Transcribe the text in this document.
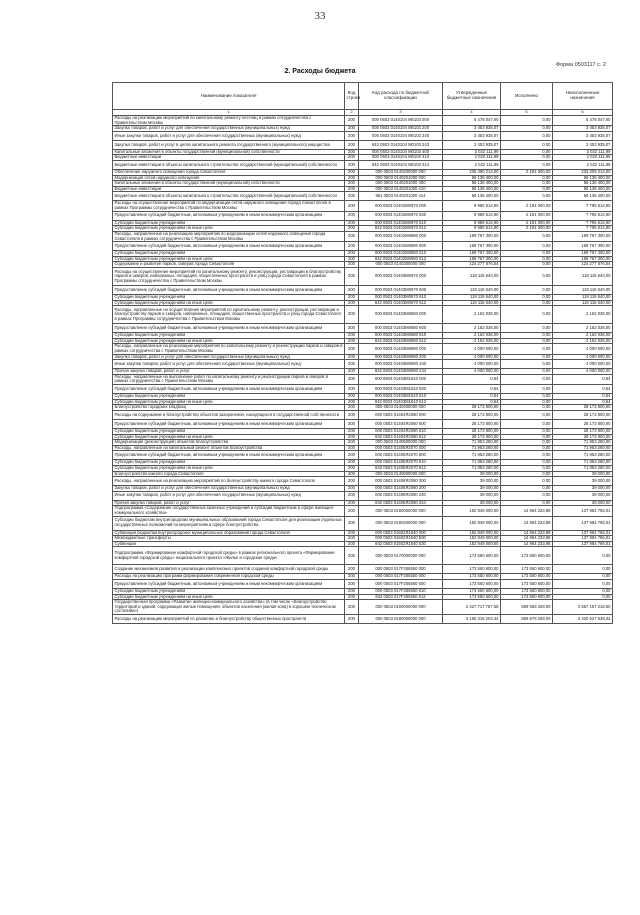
33
Форма 0503117 с. 2
2. Расходы бюджета
Наименование показателя	Код строки	Код расхода по бюджетной классификации	Утвержденные бюджетные назначения	Исполнено	Неисполненные назначения
1	2	3	4	5	6
Расходы на реализацию мероприятий по капитальному ремонту лестниц в рамках сотрудничества с Правительством Москвы	200	000 0503 0140104 М0103 000	5 478 047,00	0,00	5 478 047,00
Закупка товаров, работ и услуг для обеспечения государственных (муниципальных) нужд	200	000 0503 0140104 М0103 200	3 453 935,07	0,00	3 453 935,07
Иные закупки товаров, работ и услуг для обеспечения государственных (муниципальных) нужд	200	000 0503 0140104 М0103 240	3 453 935,07	0,00	3 453 935,07
Закупка товаров, работ и услуг в целях капитального ремонта государственного (муниципального) имущества	200	842 0503 0140104 М0103 243	3 453 935,07	0,00	3 453 935,07
Капитальные вложения в объекты государственной (муниципальной) собственности	200	000 0503 0140104 М0103 400	2 022 111,99	0,00	2 022 111,99
Бюджетные инвестиции	200	000 0503 0140104 М0103 410	2 022 111,99	0,00	2 022 111,99
Бюджетные инвестиции в объекты капитального строительства государственной (муниципальной) собственности	200	842 0503 0140104 М0103 414	2 022 111,99	0,00	2 022 111,99
Обеспечение наружного освещения города Севастополя	200	000 0503 0140200000 000	235 490 214,00	2 181 000,00	233 309 214,00
Модернизация сетей наружного освещения	200	000 0503 0140201000 000	56 136 400,00	0,00	56 136 400,00
Капитальные вложения в объекты государственной (муниципальной) собственности	200	000 0503 0140201000 400	56 136 400,00	0,00	56 136 400,00
Бюджетные инвестиции	200	000 0503 0140201000 410	56 136 400,00	0,00	56 136 400,00
Бюджетные инвестиции в объекты капитального строительства государственной (муниципальной) собственности	200	961 0503 0140201000 414	56 136 400,00	0,00	56 136 400,00
Расходы на осуществление мероприятий по модернизации сетей наружного освещения города Севастополя в рамках Программы сотрудничества с Правительством Москвы	200	000 0503 01402М0670 000	9 986 514,90	2 191 000,00	7 795 514,90
Предоставление субсидий бюджетным, автономным учреждениям и иным некоммерческим организациям	200	000 0503 01402М0670 600	9 986 514,90	2 191 000,00	7 795 514,90
Субсидии бюджетным учреждениям	200	000 0503 01402М0670 610	9 986 514,90	2 191 000,00	7 795 514,90
Субсидии бюджетным учреждениям на иные цели	200	842 0503 01402М0670 612	9 986 514,90	2 191 000,00	7 795 514,90
Расходы, направленные на реализацию мероприятий по модернизации сетей наружного освещения города Севастополя в рамках сотрудничества с Правительством Москвы	200	000 0503 01402М0680 000	169 767 300,00	0,00	169 767 300,00
Предоставление субсидий бюджетным, автономным учреждениям и иным некоммерческим организациям	200	000 0503 01402М0680 600	169 767 300,00	0,00	169 767 300,00
Субсидии бюджетным учреждениям	200	000 0503 01402М0680 610	169 767 300,00	0,00	169 767 300,00
Субсидии бюджетным учреждениям на иные цели	200	842 0503 01402М0680 612	169 767 300,00	0,00	169 767 300,00
Содержание и развитие парков, скверов города Севастополя	200	000 0503 0140300000 000	124 277 676,54	0,00	124 277 676,54
Расходы на осуществление мероприятий по капитальному ремонту, реконструкции, реставрации и благоустройству парков и скверов, набережных, площадей, общественных пространств и улиц города Севастополя в рамках Программы сотрудничества с Правительством Москвы	200	000 0503 01403М0670 000	118 115 640,00	0,00	118 115 640,00
Предоставление субсидий бюджетным, автономным учреждениям и иным некоммерческим организациям	200	000 0503 01403М0670 600	118 115 640,00	0,00	118 115 640,00
Субсидии бюджетным учреждениям	200	000 0503 01403М0670 610	118 115 640,00	0,00	118 115 640,00
Субсидии бюджетным учреждениям на иные цели	200	842 0503 01403М0670 612	118 115 640,00	0,00	118 115 640,00
Расходы, направленные на осуществление мероприятий по капитальному ремонту, реконструкции, реставрации и благоустройству парков и скверов, набережных, площадей, общественных пространств и улиц города Севастополя в рамках Программы сотрудничества с Правительством Москвы	200	000 0503 01403М0680 000	2 162 036,00	0,00	2 162 036,00
Предоставление субсидий бюджетным, автономным учреждениям и иным некоммерческим организациям	200	000 0503 01403М0680 600	2 162 036,00	0,00	2 162 036,00
Субсидии бюджетным учреждениям	200	000 0503 01403М0680 610	2 162 036,00	0,00	2 162 036,00
Субсидии бюджетным учреждениям на иные цели	200	842 0503 01403М0680 612	2 162 036,00	0,00	2 162 036,00
Расходы, направленные на реализацию мероприятий по капитальному ремонту и реконструкции парков и скверов в рамках сотрудничества с Правительством Москвы	200	000 0503 01403М0690 000	4 000 000,00	0,00	4 000 000,00
Закупка товаров, работ и услуг для обеспечения государственных (муниципальных) нужд	200	000 0503 01403М0690 200	4 000 000,00	0,00	4 000 000,00
Иные закупки товаров, работ и услуг для обеспечения государственных (муниципальных) нужд	200	000 0503 01403М0690 240	4 000 000,00	0,00	4 000 000,00
Прочая закупка товаров, работ и услуг	200	842 0503 01403М0690 244	4 000 000,00	0,00	4 000 000,00
Расходы, направленные на выполнение работ по капитальному ремонту и реконструкции парков и скверов в рамках сотрудничества с Правительством Москвы	200	000 0503 01403М1610 000	0,54	0,00	0,54
Предоставление субсидий бюджетным, автономным учреждениям и иным некоммерческим организациям	200	000 0503 01403М1610 600	0,54	0,00	0,54
Субсидии бюджетным учреждениям	200	000 0503 01403М1610 610	0,54	0,00	0,54
Субсидии бюджетным учреждениям на иные цели	200	842 0503 01403М1610 612	0,54	0,00	0,54
Благоустройство городских кладбищ	200	000 0503 0140400000 000	28 173 800,00	0,00	28 173 800,00
Расходы на содержание и благоустройство объектов захоронения, находящихся в государственной собственности	200	000 0503 01404Я2060 000	28 173 800,00	0,00	28 173 800,00
Предоставление субсидий бюджетным, автономным учреждениям и иным некоммерческим организациям	200	000 0503 01404Я2060 600	28 173 800,00	0,00	28 173 800,00
Субсидии бюджетным учреждениям	200	000 0503 01404Я2060 610	28 173 800,00	0,00	28 173 800,00
Субсидии бюджетным учреждениям на иные цели	200	842 0503 01404Я2060 612	28 173 800,00	0,00	28 173 800,00
Модернизация (реконструкция) объектов благоустройства	200	000 0503 0140500000 000	71 953 280,00	0,00	71 953 280,00
Расходы, направленные на капитальный ремонт объектов благоустройства	200	000 0503 01405Я2070 000	71 953 280,00	0,00	71 953 280,00
Предоставление субсидий бюджетным, автономным учреждениям и иным некоммерческим организациям	200	000 0503 01405Я2070 600	71 953 280,00	0,00	71 953 280,00
Субсидии бюджетным учреждениям	200	000 0503 01405Я2070 610	71 953 280,00	0,00	71 953 280,00
Субсидии бюджетным учреждениям на иные цели	200	842 0503 01405Я2070 612	71 953 280,00	0,00	71 953 280,00
Благоустройство южного города Севастополя	200	000 0503 0140600000 000	39 000,00	0,00	39 000,00
Расходы, направленные на реализацию мероприятий по благоустройству южного города Севастополя	200	000 0503 01406Я2080 000	39 000,00	0,00	39 000,00
Закупка товаров, работ и услуг для обеспечения государственных (муниципальных) нужд	200	000 0503 01406Я2080 200	39 000,00	0,00	39 000,00
Иные закупки товаров, работ и услуг для обеспечения государственных (муниципальных) нужд	200	000 0503 01406Я2080 240	39 000,00	0,00	39 000,00
Прочая закупка товаров, работ и услуг	200	842 0503 01406Я2080 244	39 000,00	0,00	39 000,00
Подпрограмма «Содержание государственных казенных учреждений и субсидии бюджетным в сфере жилищно-коммунального хозяйства»	200	000 0503 0160000000 000	152 949 000,00	14 964 233,98	137 984 766,01
Субсидии бюджетам внутригородских муниципальных образований города Севастополя для реализации отдельных государственных полномочий по мероприятиям в сфере благоустройства	200	000 0503 0160200000 000	152 949 000,00	14 964 233,98	137 984 766,01
Субвенции бюджетам внутригородских муниципальных образований города Севастополя	200	000 0503 01602Я1640 000	152 949 000,00	14 964 233,98	137 984 766,01
Межбюджетные трансферты	200	000 0503 01602Я1640 500	152 949 000,00	14 964 233,98	137 984 766,01
Субвенции	200	842 0503 01602Я1640 530	152 949 000,00	14 964 233,98	137 984 766,01
Подпрограмма «Формирование комфортной городской среды» в рамках регионального проекта «Формирование комфортной городской среды» национального проекта «Жилье и городская среда»	200	000 0503 0170000000 000	173 550 600,00	173 550 600,00	0,00
Создание механизмов развития и реализации комплексных проектов создания комфортной городской среды	200	000 0503 017F255550 000	173 550 600,00	173 550 600,00	0,00
Расходы на реализацию программ формирования современной городской среды	200	000 0503 017F255550 000	173 550 600,00	173 550 600,00	0,00
Предоставление субсидий бюджетным, автономным учреждениям и иным некоммерческим организациям	200	000 0503 017F255550 600	173 550 600,00	173 550 600,00	0,00
Субсидии бюджетным учреждениям	200	000 0503 017F255550 610	173 550 600,00	173 550 600,00	0,00
Субсидии бюджетным учреждениям на иные цели	200	842 0503 017F255550 612	173 550 600,00	173 550 600,00	0,00
Государственная программа «Развитие жилищно-коммунального хозяйства» (в том числе «Благоустройство территорий и зданий, содержащих жилые помещения, объектов населения (жилая зона) в хорошем техническом состоянии»)	200	000 0503 0100000000 000	2 427 717 787,58	859 659 429,00	2 557 157 218,50
Расходы на реализацию мероприятий по развитию и благоустройству общественных пространств	200	000 0503 0180000000 000	3 180 316 203,44	859 679 289,00	2 320 627 938,44
